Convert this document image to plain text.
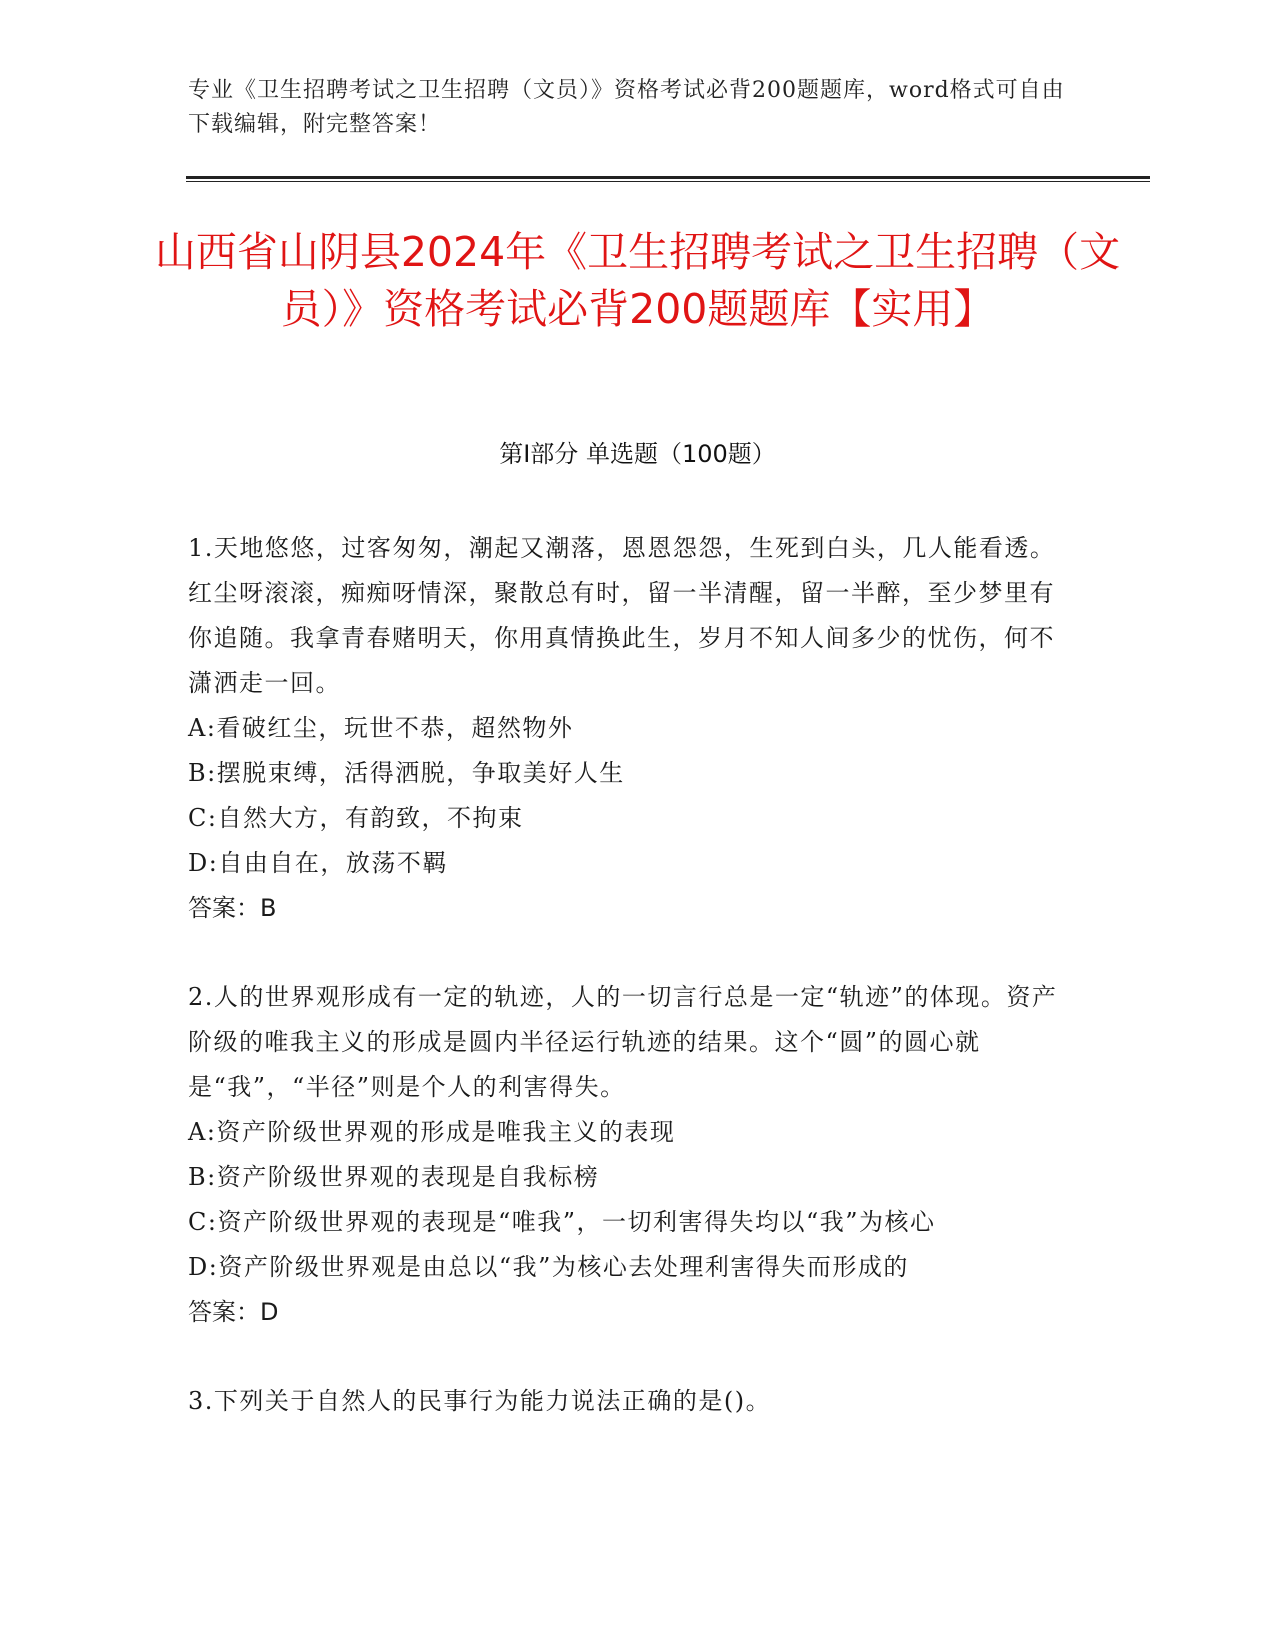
专业《卫生招聘考试之卫生招聘（文员）》资格考试必背200题题库，word格式可自由下载编辑，附完整答案！
山西省山阴县2024年《卫生招聘考试之卫生招聘（文员）》资格考试必背200题题库【实用】
第I部分 单选题（100题）

1.天地悠悠，过客匆匆，潮起又潮落，恩恩怨怨，生死到白头，几人能看透。红尘呀滚滚，痴痴呀情深，聚散总有时，留一半清醒，留一半醉，至少梦里有你追随。我拿青春赌明天，你用真情换此生，岁月不知人间多少的忧伤，何不潇洒走一回。

A:看破红尘，玩世不恭，超然物外

B:摆脱束缚，活得洒脱，争取美好人生

C:自然大方，有韵致，不拘束

D:自由自在，放荡不羁

答案：B

2.人的世界观形成有一定的轨迹，人的一切言行总是一定“轨迹”的体现。资产阶级的唯我主义的形成是圆内半径运行轨迹的结果。这个“圆”的圆心就是“我”，“半径”则是个人的利害得失。

A:资产阶级世界观的形成是唯我主义的表现

B:资产阶级世界观的表现是自我标榜

C:资产阶级世界观的表现是“唯我”，一切利害得失均以“我”为核心

D:资产阶级世界观是由总以“我”为核心去处理利害得失而形成的

答案：D

3.下列关于自然人的民事行为能力说法正确的是()。
